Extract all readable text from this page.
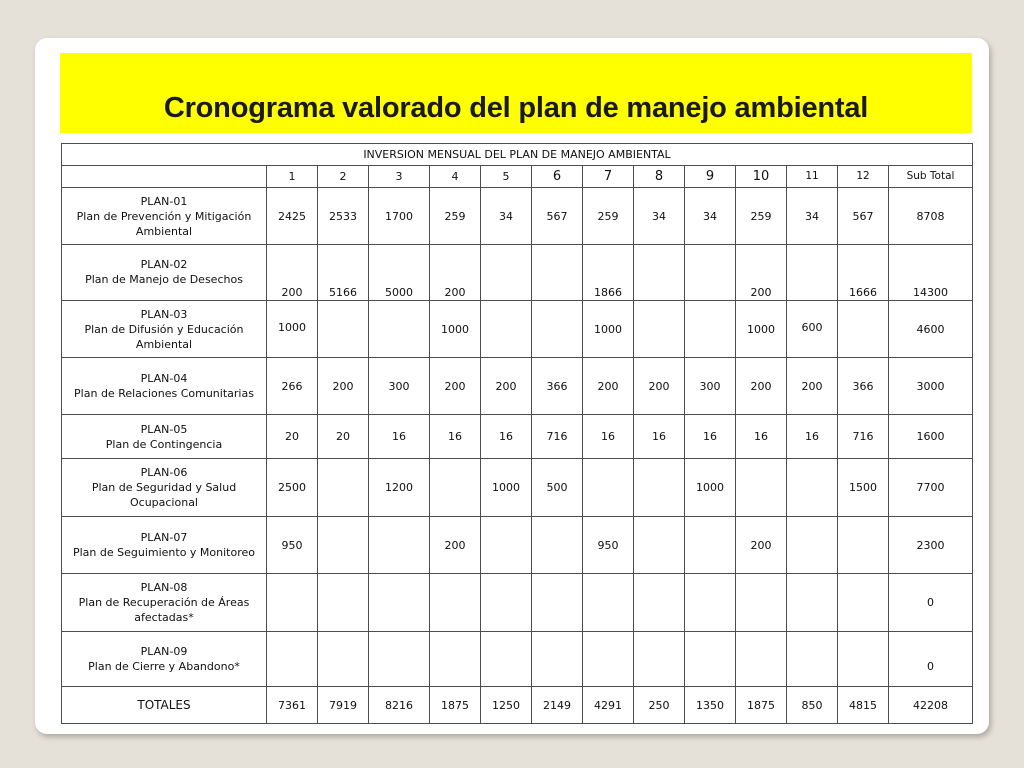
Cronograma valorado del plan de manejo ambiental
INVERSION MENSUAL DEL PLAN DE MANEJO AMBIENTAL													
	1	2	3	4	5	6	7	8	9	10	11	12	Sub Total

PLAN-01
Plan de Prevención y Mitigación Ambiental	2425	2533	1700	259	34	567	259	34	34	259	34	567	8708

PLAN-02
Plan de Manejo de Desechos	200	5166	5000	200			1866			200		1666	14300

PLAN-03
Plan de Difusión y Educación Ambiental	1000			1000			1000			1000	600		4600

PLAN-04
Plan de Relaciones Comunitarias	266	200	300	200	200	366	200	200	300	200	200	366	3000

PLAN-05
Plan de Contingencia	20	20	16	16	16	716	16	16	16	16	16	716	1600

PLAN-06
Plan de Seguridad y Salud Ocupacional	2500		1200		1000	500			1000			1500	7700

PLAN-07
Plan de Seguimiento y Monitoreo	950			200			950			200			2300

PLAN-08
Plan de Recuperación de Áreas afectadas*													0

PLAN-09
Plan de Cierre y Abandono*													0
TOTALES	7361	7919	8216	1875	1250	2149	4291	250	1350	1875	850	4815	42208
